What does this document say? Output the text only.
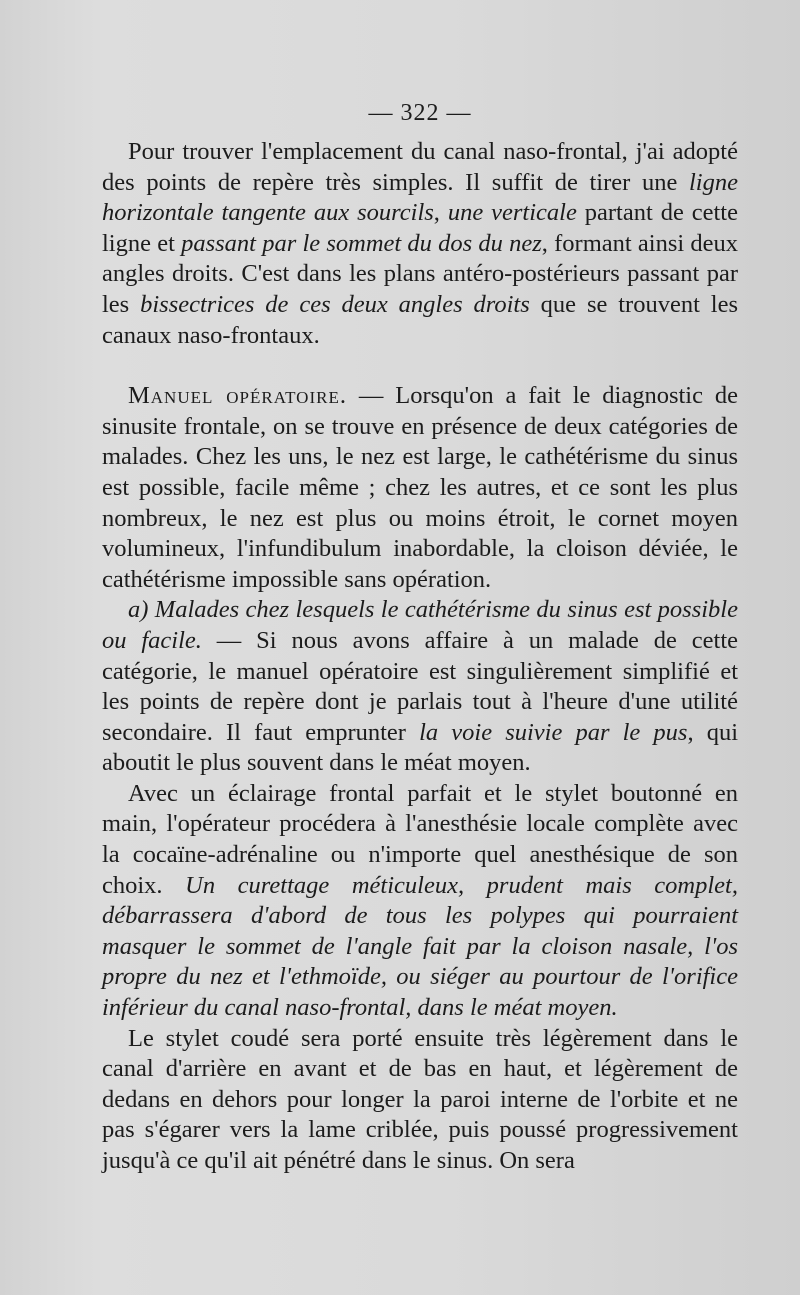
— 322 —

Pour trouver l'emplacement du canal naso-frontal, j'ai adopté des points de repère très simples. Il suffit de tirer une ligne horizontale tangente aux sourcils, une verticale partant de cette ligne et passant par le sommet du dos du nez, formant ainsi deux angles droits. C'est dans les plans antéro-postérieurs passant par les bissectrices de ces deux angles droits que se trouvent les canaux naso-frontaux.

Manuel opératoire. — Lorsqu'on a fait le diagnostic de sinusite frontale, on se trouve en présence de deux catégories de malades. Chez les uns, le nez est large, le cathétérisme du sinus est possible, facile même ; chez les autres, et ce sont les plus nombreux, le nez est plus ou moins étroit, le cornet moyen volumineux, l'infundibulum inabordable, la cloison déviée, le cathétérisme impossible sans opération.

a) Malades chez lesquels le cathétérisme du sinus est possible ou facile. — Si nous avons affaire à un malade de cette catégorie, le manuel opératoire est singulièrement simplifié et les points de repère dont je parlais tout à l'heure d'une utilité secondaire. Il faut emprunter la voie suivie par le pus, qui aboutit le plus souvent dans le méat moyen.

Avec un éclairage frontal parfait et le stylet boutonné en main, l'opérateur procédera à l'anesthésie locale complète avec la cocaïne-adrénaline ou n'importe quel anesthésique de son choix. Un curettage méticuleux, prudent mais complet, débarrassera d'abord de tous les polypes qui pourraient masquer le sommet de l'angle fait par la cloison nasale, l'os propre du nez et l'ethmoïde, ou siéger au pourtour de l'orifice inférieur du canal naso-frontal, dans le méat moyen.

Le stylet coudé sera porté ensuite très légèrement dans le canal d'arrière en avant et de bas en haut, et légèrement de dedans en dehors pour longer la paroi interne de l'orbite et ne pas s'égarer vers la lame criblée, puis poussé progressivement jusqu'à ce qu'il ait pénétré dans le sinus. On sera
